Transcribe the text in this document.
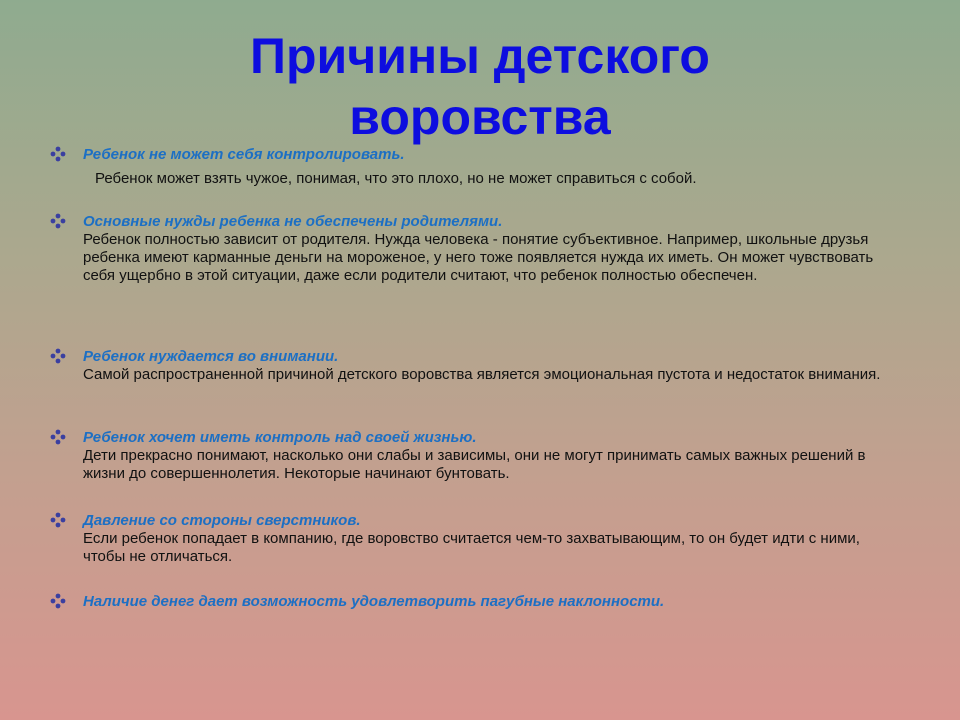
Причины детского воровства
Ребенок не может себя контролировать.
Ребенок может взять чужое, понимая, что это плохо, но не может справиться с собой.
Основные нужды ребенка не обеспечены родителями.
Ребенок полностью зависит от родителя. Нужда человека - понятие субъективное. Например, школьные друзья ребенка имеют карманные деньги на мороженое, у него тоже появляется нужда их иметь. Он может чувствовать себя ущербно в этой ситуации, даже если родители считают, что ребенок полностью обеспечен.
Ребенок нуждается во внимании.
Самой распространенной причиной детского воровства является эмоциональная пустота и недостаток внимания.
Ребенок хочет иметь контроль над своей жизнью.
Дети прекрасно понимают, насколько они слабы и зависимы, они не могут принимать самых важных решений в жизни до совершеннолетия. Некоторые начинают бунтовать.
Давление со стороны сверстников.
Если ребенок попадает в компанию, где воровство считается чем-то захватывающим, то он будет идти с ними, чтобы не отличаться.
Наличие денег дает возможность удовлетворить пагубные наклонности.
